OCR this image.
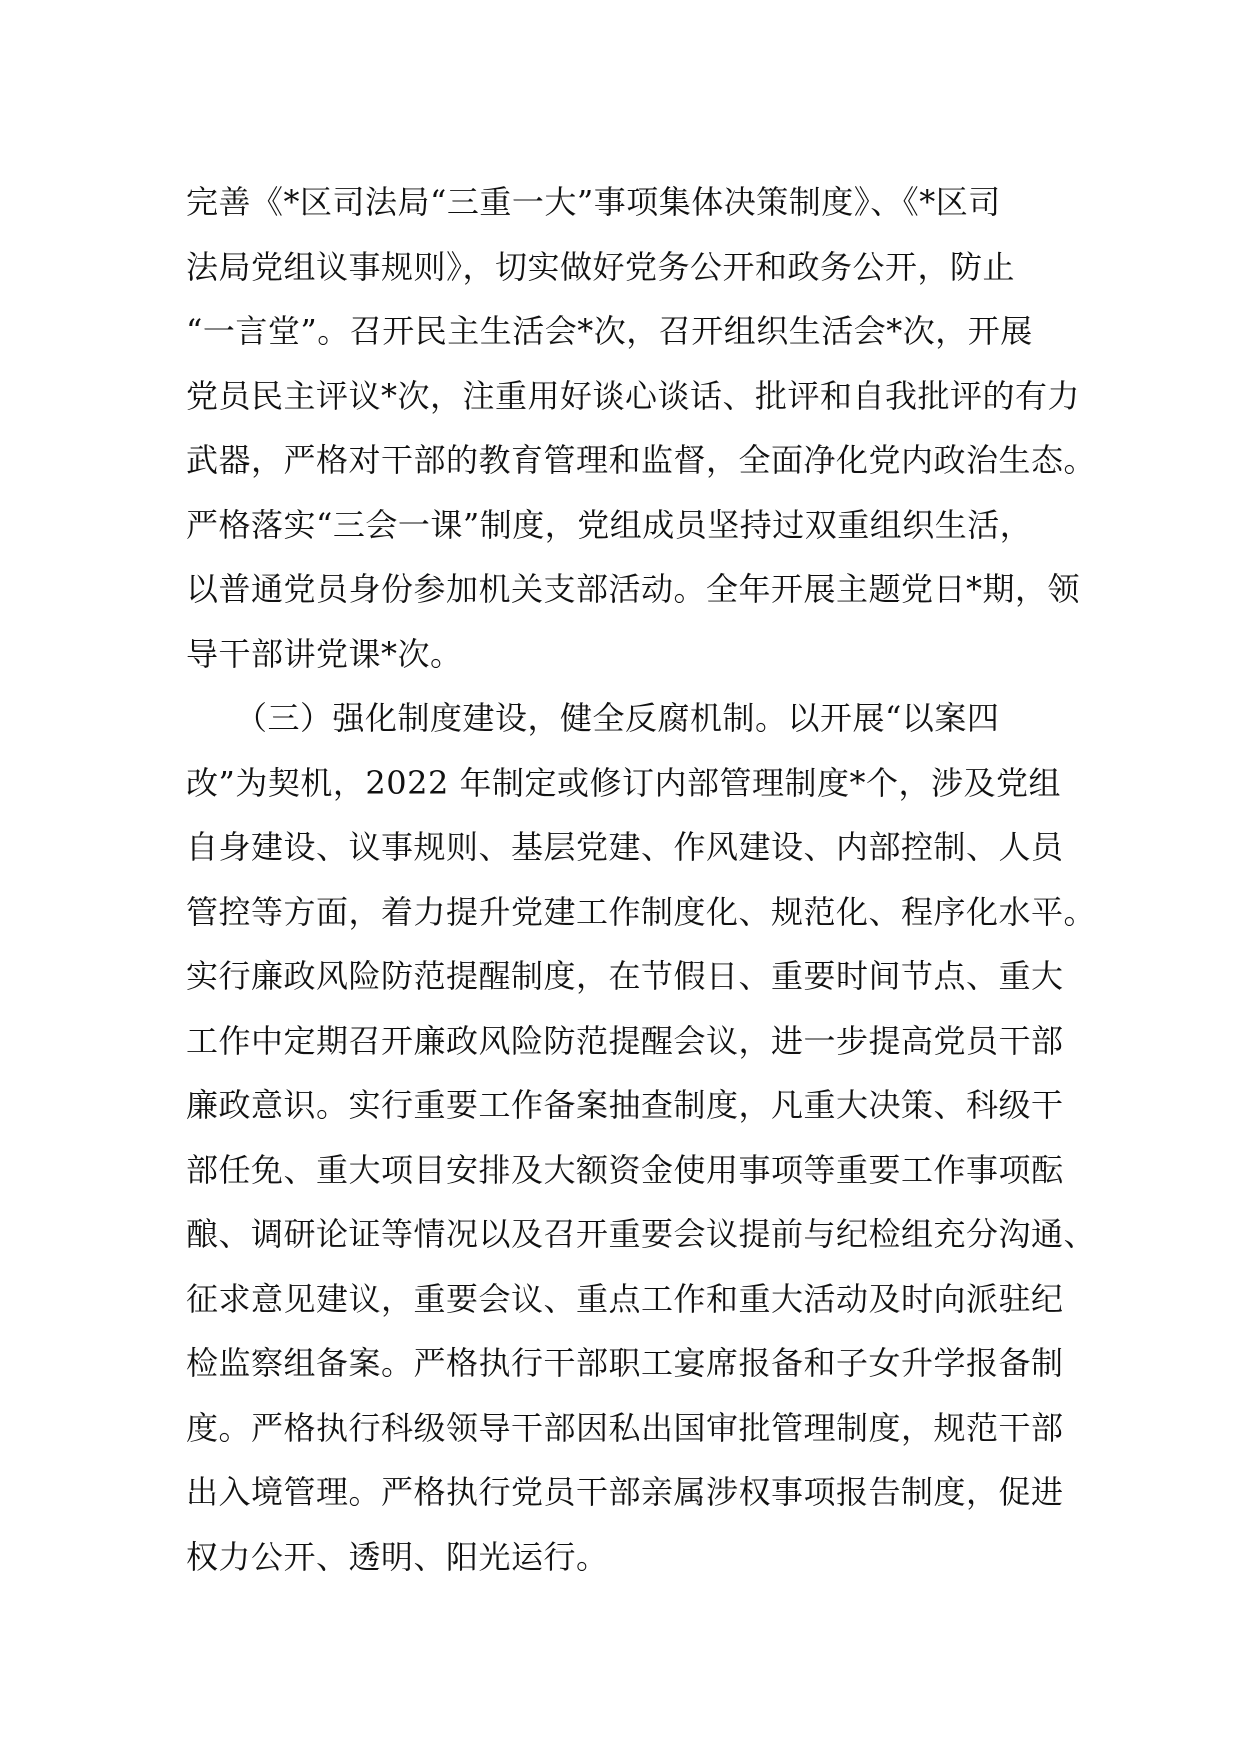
完善《*区司法局“三重一大”事项集体决策制度》、《*区司
法局党组议事规则》，切实做好党务公开和政务公开，防止
“一言堂”。召开民主生活会*次，召开组织生活会*次，开展
党员民主评议*次，注重用好谈心谈话、批评和自我批评的有力
武器，严格对干部的教育管理和监督，全面净化党内政治生态。
严格落实“三会一课”制度，党组成员坚持过双重组织生活，
以普通党员身份参加机关支部活动。全年开展主题党日*期，领
导干部讲党课*次。
　　（三）强化制度建设，健全反腐机制。以开展“以案四
改”为契机，2022 年制定或修订内部管理制度*个，涉及党组
自身建设、议事规则、基层党建、作风建设、内部控制、人员
管控等方面，着力提升党建工作制度化、规范化、程序化水平。
实行廉政风险防范提醒制度，在节假日、重要时间节点、重大
工作中定期召开廉政风险防范提醒会议，进一步提高党员干部
廉政意识。实行重要工作备案抽查制度，凡重大决策、科级干
部任免、重大项目安排及大额资金使用事项等重要工作事项酝
酿、调研论证等情况以及召开重要会议提前与纪检组充分沟通、
征求意见建议，重要会议、重点工作和重大活动及时向派驻纪
检监察组备案。严格执行干部职工宴席报备和子女升学报备制
度。严格执行科级领导干部因私出国审批管理制度，规范干部
出入境管理。严格执行党员干部亲属涉权事项报告制度，促进
权力公开、透明、阳光运行。
